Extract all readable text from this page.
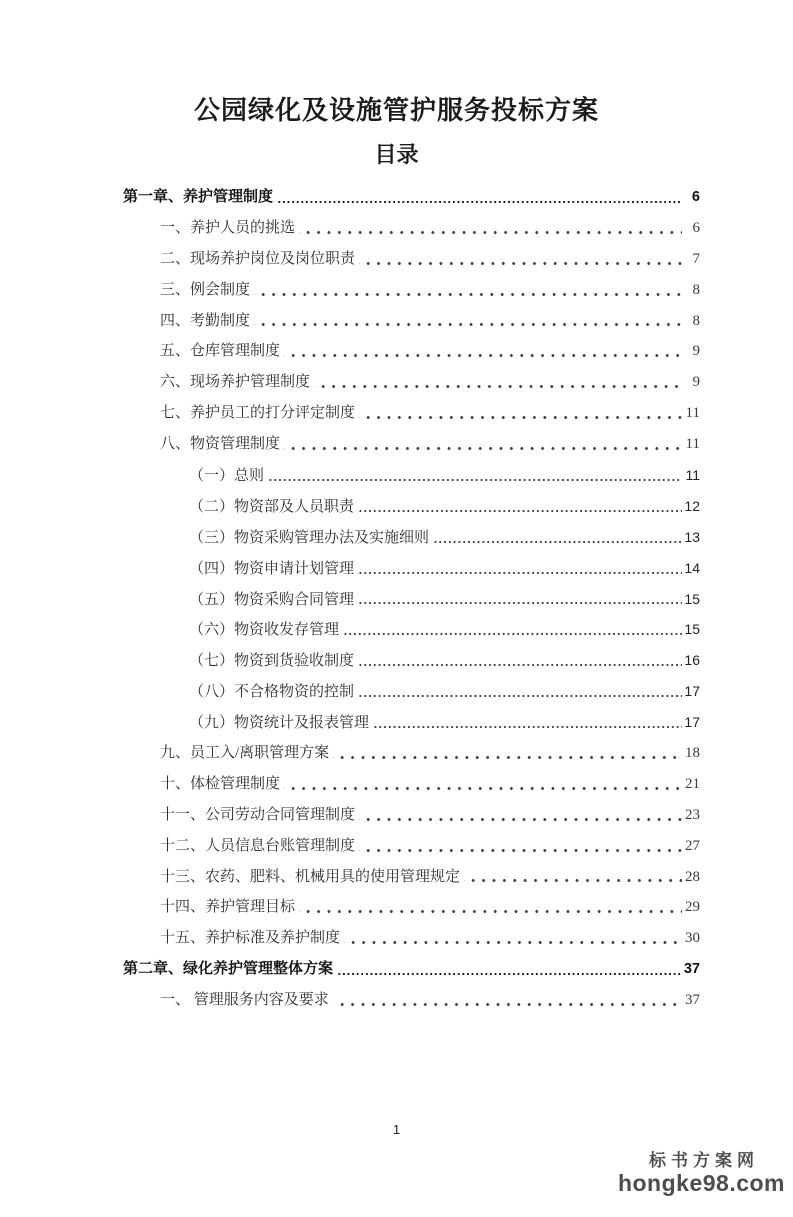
公园绿化及设施管护服务投标方案
目录
第一章、养护管理制度	6
一、养护人员的挑选	6
二、现场养护岗位及岗位职责	7
三、例会制度	8
四、考勤制度	8
五、仓库管理制度	9
六、现场养护管理制度	9
七、养护员工的打分评定制度	11
八、物资管理制度	11
（一）总则	11
（二）物资部及人员职责	12
（三）物资采购管理办法及实施细则	13
（四）物资申请计划管理	14
（五）物资采购合同管理	15
（六）物资收发存管理	15
（七）物资到货验收制度	16
（八）不合格物资的控制	17
（九）物资统计及报表管理	17
九、员工入/离职管理方案	18
十、体检管理制度	21
十一、公司劳动合同管理制度	23
十二、人员信息台账管理制度	27
十三、农药、肥料、机械用具的使用管理规定	28
十四、养护管理目标	29
十五、养护标准及养护制度	30
第二章、绿化养护管理整体方案	37
一、 管理服务内容及要求	37
1
标书方案网
hongke98.com
